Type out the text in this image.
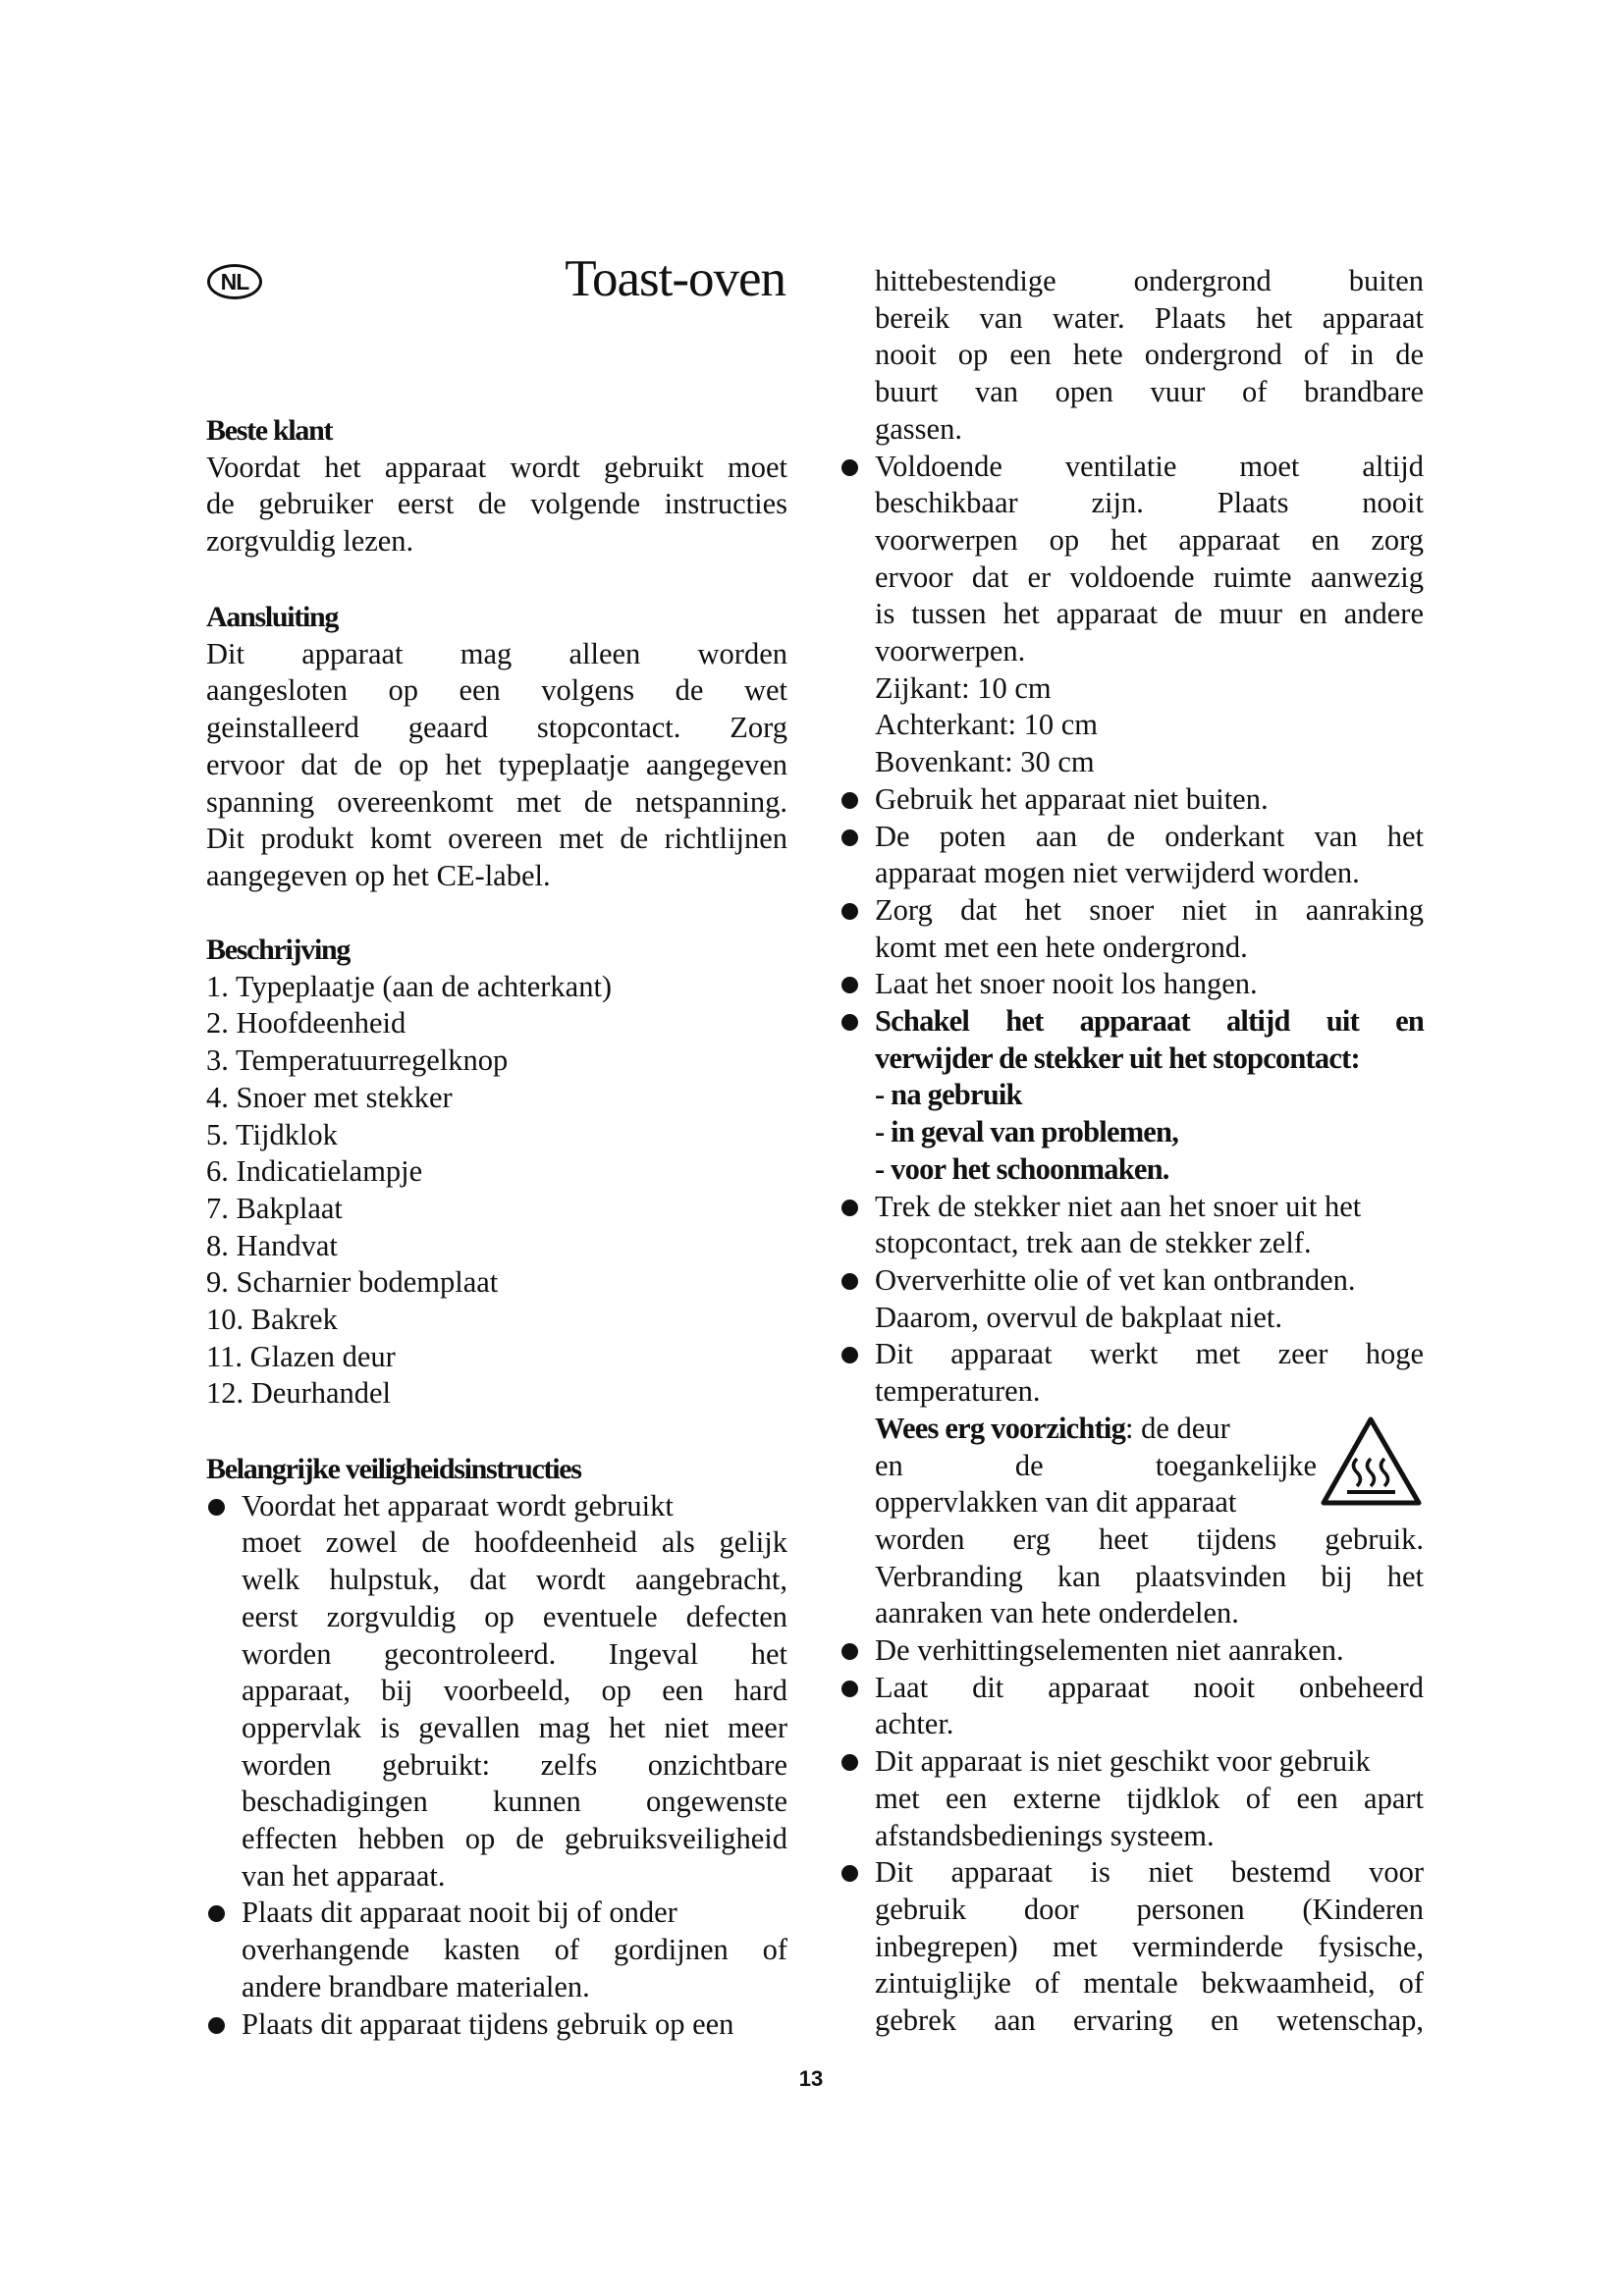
NL	Toast-oven

Beste klant

Voordat het apparaat wordt gebruikt moet
de gebruiker eerst de volgende instructies
zorgvuldig lezen.

Aansluiting

Dit apparaat mag alleen worden
aangesloten op een volgens de wet
geinstalleerd geaard stopcontact. Zorg
ervoor dat de op het typeplaatje aangegeven
spanning overeenkomt met de netspanning.
Dit produkt komt overeen met de richtlijnen
aangegeven op het CE-label.

Beschrijving

1. Typeplaatje (aan de achterkant)
2. Hoofdeenheid
3. Temperatuurregelknop
4. Snoer met stekker
5. Tijdklok
6. Indicatielampje
7. Bakplaat
8. Handvat
9. Scharnier bodemplaat
10. Bakrek
11. Glazen deur
12. Deurhandel

Belangrijke veiligheidsinstructies

Voordat het apparaat wordt gebruikt
moet zowel de hoofdeenheid als gelijk
welk hulpstuk, dat wordt aangebracht,
eerst zorgvuldig op eventuele defecten
worden gecontroleerd. Ingeval het
apparaat, bij voorbeeld, op een hard
oppervlak is gevallen mag het niet meer
worden gebruikt: zelfs onzichtbare
beschadigingen kunnen ongewenste
effecten hebben op de gebruiksveiligheid
van het apparaat.
Plaats dit apparaat nooit bij of onder
overhangende kasten of gordijnen of
andere brandbare materialen.
Plaats dit apparaat tijdens gebruik op een
hittebestendige ondergrond buiten
bereik van water. Plaats het apparaat
nooit op een hete ondergrond of in de
buurt van open vuur of brandbare
gassen.
Voldoende ventilatie moet altijd
beschikbaar zijn. Plaats nooit
voorwerpen op het apparaat en zorg
ervoor dat er voldoende ruimte aanwezig
is tussen het apparaat de muur en andere
voorwerpen.
Zijkant: 10 cm
Achterkant: 10 cm
Bovenkant: 30 cm
Gebruik het apparaat niet buiten.
De poten aan de onderkant van het
apparaat mogen niet verwijderd worden.
Zorg dat het snoer niet in aanraking
komt met een hete ondergrond.
Laat het snoer nooit los hangen.
Schakel het apparaat altijd uit en
verwijder de stekker uit het stopcontact:
- na gebruik
- in geval van problemen,
- voor het schoonmaken.
Trek de stekker niet aan het snoer uit het
stopcontact, trek aan de stekker zelf.
Oververhitte olie of vet kan ontbranden.
Daarom, overvul de bakplaat niet.
Dit apparaat werkt met zeer hoge
temperaturen.
Wees erg voorzichtig: de deur
en de toegankelijke
oppervlakken van dit apparaat
worden erg heet tijdens gebruik.
Verbranding kan plaatsvinden bij het
aanraken van hete onderdelen.
De verhittingselementen niet aanraken.
Laat dit apparaat nooit onbeheerd
achter.
Dit apparaat is niet geschikt voor gebruik
met een externe tijdklok of een apart
afstandsbedienings systeem.
Dit apparaat is niet bestemd voor
gebruik door personen (Kinderen
inbegrepen) met verminderde fysische,
zintuiglijke of mentale bekwaamheid, of
gebrek aan ervaring en wetenschap,
13
